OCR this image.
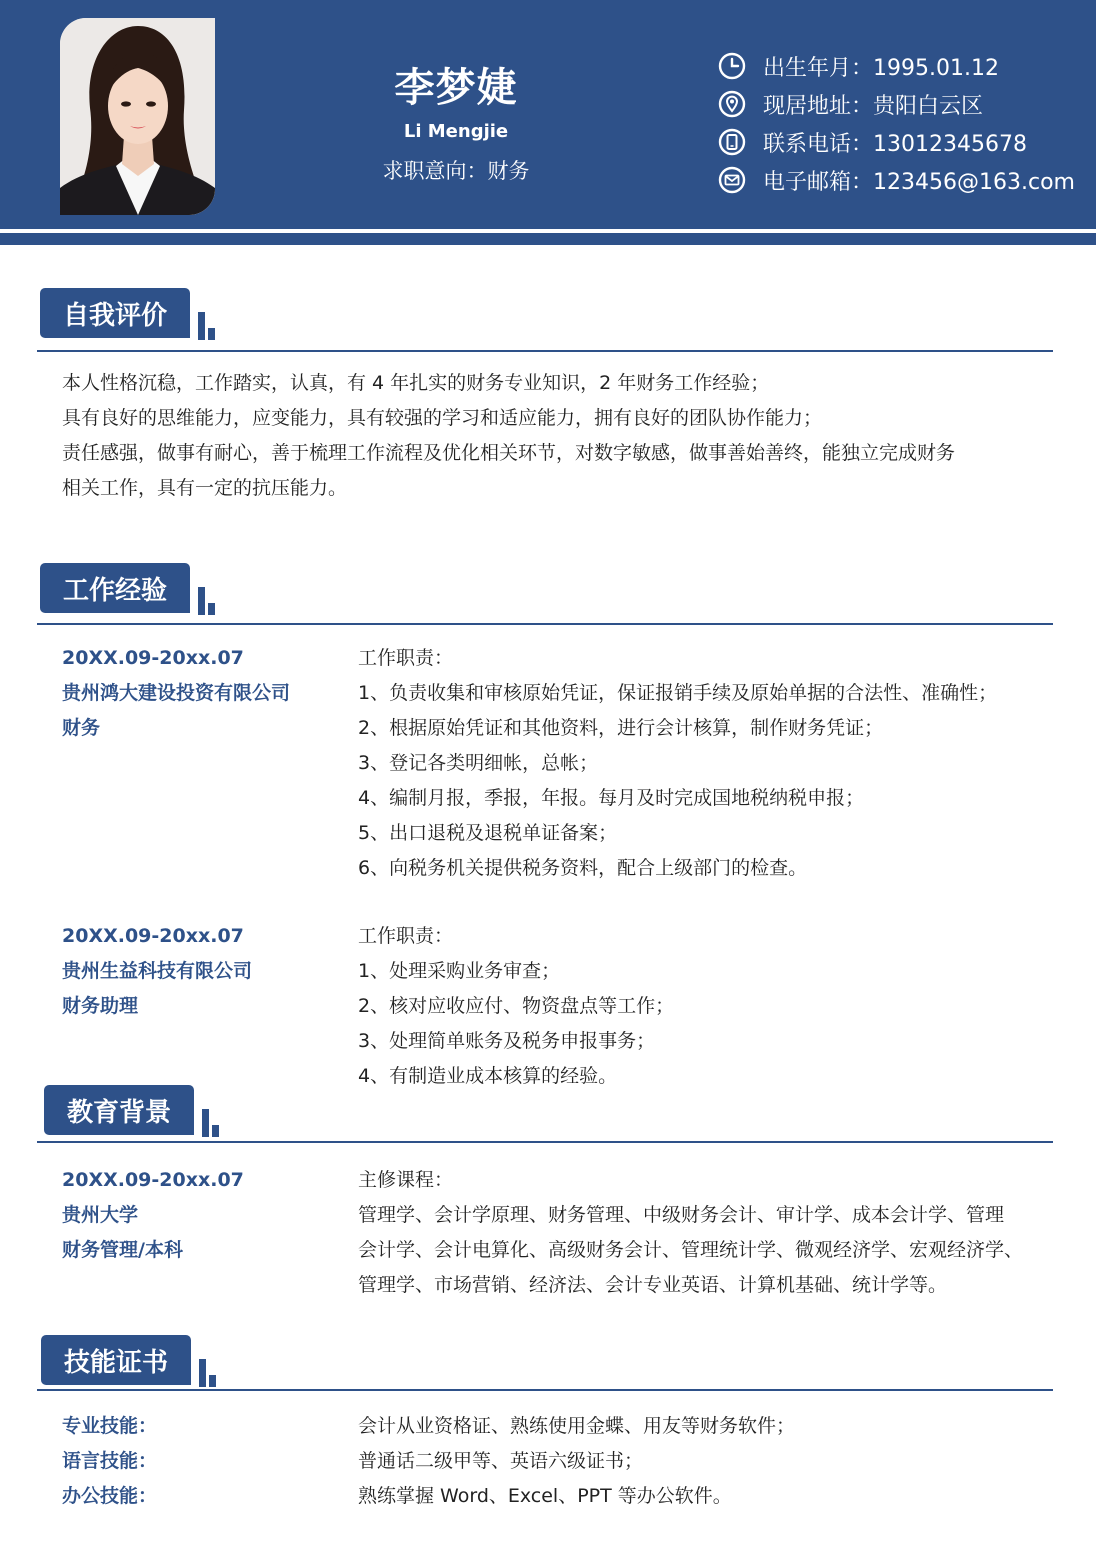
李梦婕
Li Mengjie
求职意向：财务
出生年月：1995.01.12
现居地址：贵阳白云区
联系电话：13012345678
电子邮箱：123456@163.com
自我评价
本人性格沉稳，工作踏实，认真，有 4 年扎实的财务专业知识，2 年财务工作经验；
具有良好的思维能力，应变能力，具有较强的学习和适应能力，拥有良好的团队协作能力；
责任感强，做事有耐心，善于梳理工作流程及优化相关环节，对数字敏感，做事善始善终，能独立完成财务
相关工作，具有一定的抗压能力。
工作经验
20XX.09-20xx.07
贵州鸿大建设投资有限公司
财务
工作职责：
1、负责收集和审核原始凭证，保证报销手续及原始单据的合法性、准确性；
2、根据原始凭证和其他资料，进行会计核算，制作财务凭证；
3、登记各类明细帐，总帐；
4、编制月报，季报，年报。每月及时完成国地税纳税申报；
5、出口退税及退税单证备案；
6、向税务机关提供税务资料，配合上级部门的检查。
20XX.09-20xx.07
贵州生益科技有限公司
财务助理
工作职责：
1、处理采购业务审查；
2、核对应收应付、物资盘点等工作；
3、处理简单账务及税务申报事务；
4、有制造业成本核算的经验。
教育背景
20XX.09-20xx.07
贵州大学
财务管理/本科
主修课程：
管理学、会计学原理、财务管理、中级财务会计、审计学、成本会计学、管理
会计学、会计电算化、高级财务会计、管理统计学、微观经济学、宏观经济学、
管理学、市场营销、经济法、会计专业英语、计算机基础、统计学等。
技能证书
专业技能：
语言技能：
办公技能：
会计从业资格证、熟练使用金蝶、用友等财务软件；
普通话二级甲等、英语六级证书；
熟练掌握 Word、Excel、PPT 等办公软件。
